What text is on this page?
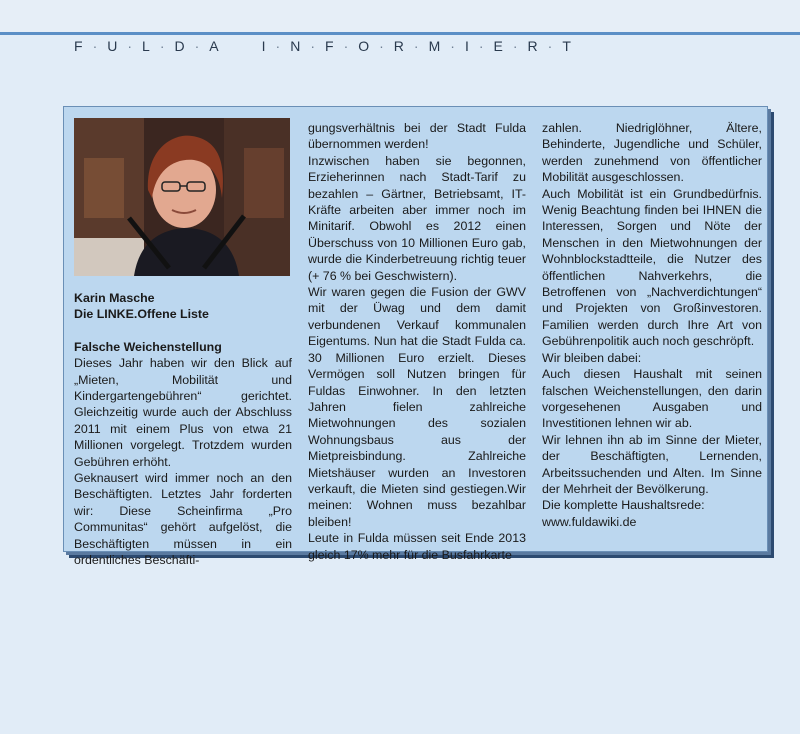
F · U · L · D · A	I · N · F · O · R · M · I · E · R · T

Karin Masche

Die LINKE.Offene Liste

Falsche Weichenstellung

Dieses Jahr haben wir den Blick auf „Mieten, Mobilität und Kindergartengebühren“ gerichtet. Gleichzeitig wurde auch der Abschluss 2011 mit einem Plus von etwa 21 Millionen vorgelegt. Trotzdem wurden Gebühren erhöht.

Geknausert wird immer noch an den Beschäftigten. Letztes Jahr forderten wir: Diese Scheinfirma „Pro Communitas“ gehört aufgelöst, die Beschäftigten müssen in ein ordentliches Beschäfti-

gungsverhältnis bei der Stadt Fulda übernommen werden!

Inzwischen haben sie begonnen, Erzieherinnen nach Stadt-Tarif zu bezahlen – Gärtner, Betriebsamt, IT-Kräfte arbeiten aber immer noch im Minitarif. Obwohl es 2012 einen Überschuss von 10 Millionen Euro gab, wurde die Kinderbetreuung richtig teuer (+ 76 % bei Geschwistern).

Wir waren gegen die Fusion der GWV mit der Üwag und dem damit verbundenen Verkauf kommunalen Eigentums. Nun hat die Stadt Fulda ca. 30 Millionen Euro erzielt. Dieses Vermögen soll Nutzen bringen für Fuldas Einwohner. In den letzten Jahren fielen zahlreiche Mietwohnungen des sozialen Wohnungsbaus aus der Mietpreisbindung. Zahlreiche Mietshäuser wurden an Investoren verkauft, die Mieten sind gestiegen.Wir meinen: Wohnen muss bezahlbar bleiben!

Leute in Fulda müssen seit Ende 2013 gleich 17% mehr für die Busfahrkarte

zahlen. Niedriglöhner, Ältere, Behinderte, Jugendliche und Schüler, werden zunehmend von öffentlicher Mobilität ausgeschlossen.

Auch Mobilität ist ein Grundbedürfnis. Wenig Beachtung finden bei IHNEN die Interessen, Sorgen und Nöte der Menschen in den Mietwohnungen der Wohnblockstadtteile, die Nutzer des öffentlichen Nahverkehrs, die Betroffenen von „Nachverdichtungen“ und Projekten von Großinvestoren. Familien werden durch Ihre Art von Gebührenpolitik auch noch geschröpft.

Wir bleiben dabei:

Auch diesen Haushalt mit seinen falschen Weichenstellungen, den darin vorgesehenen Ausgaben und Investitionen lehnen wir ab.

Wir lehnen ihn ab im Sinne der Mieter, der Beschäftigten, Lernenden, Arbeitssuchenden und Alten. Im Sinne der Mehrheit der Bevölkerung.

Die komplette Haushaltsrede:

www.fuldawiki.de
